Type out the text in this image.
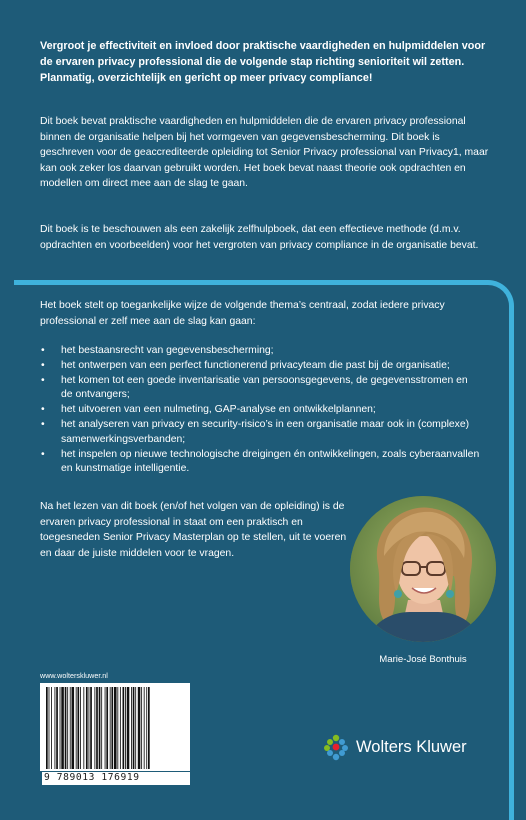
Vergroot je effectiviteit en invloed door praktische vaardigheden en hulpmiddelen voor de ervaren privacy professional die de volgende stap richting senioriteit wil zetten. Planmatig, overzichtelijk en gericht op meer privacy compliance!
Dit boek bevat praktische vaardigheden en hulpmiddelen die de ervaren privacy professional binnen de organisatie helpen bij het vormgeven van gegevensbescherming. Dit boek is geschreven voor de geaccrediteerde opleiding tot Senior Privacy professional van Privacy1, maar kan ook zeker los daarvan gebruikt worden. Het boek bevat naast theorie ook opdrachten en modellen om direct mee aan de slag te gaan.
Dit boek is te beschouwen als een zakelijk zelfhulpboek, dat een effectieve methode (d.m.v. opdrachten en voorbeelden) voor het vergroten van privacy compliance in de organisatie bevat.
Het boek stelt op toegankelijke wijze de volgende thema’s centraal, zodat iedere privacy professional er zelf mee aan de slag kan gaan:
• het bestaansrecht van gegevensbescherming;
• het ontwerpen van een perfect functionerend privacyteam die past bij de organisatie;
• het komen tot een goede inventarisatie van persoonsgegevens, de gegevensstromen en de ontvangers;
• het uitvoeren van een nulmeting, GAP-analyse en ontwikkelplannen;
• het analyseren van privacy en security-risico’s in een organisatie maar ook in (complexe) samenwerkingsverbanden;
• het inspelen op nieuwe technologische dreigingen én ontwikkelingen, zoals cyberaanvallen en kunstmatige intelligentie.
Na het lezen van dit boek (en/of het volgen van de opleiding) is de ervaren privacy professional in staat om een praktisch en toegesneden Senior Privacy Masterplan op te stellen, uit te voeren en daar de juiste middelen voor te vragen.
Marie-José Bonthuis
www.wolterskluwer.nl
9 789013 176919
Wolters Kluwer
